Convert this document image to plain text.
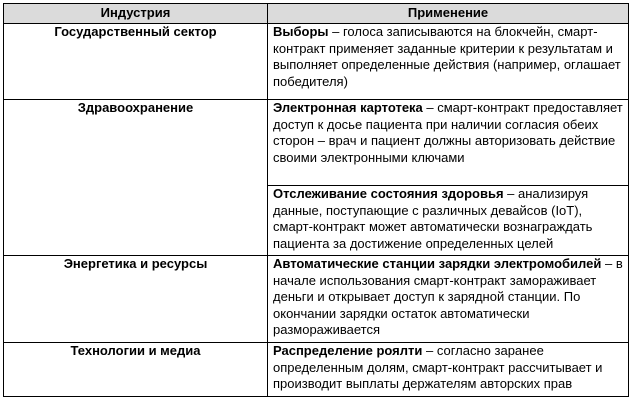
Индустрия	Применение
Государственный сектор	Выборы – голоса записываются на блокчейн, смарт-контракт применяет заданные критерии к результатам и выполняет определенные действия (например, оглашает победителя)
Здравоохранение	Электронная картотека – смарт-контракт предоставляет доступ к досье пациента при наличии согласия обеих сторон – врач и пациент должны авторизовать действие своими электронными ключами
	Отслеживание состояния здоровья – анализируя данные, поступающие с различных девайсов (IoT), смарт-контракт может автоматически вознаграждать пациента за достижение определенных целей
Энергетика и ресурсы	Автоматические станции зарядки электромобилей – в начале использования смарт-контракт замораживает деньги и открывает доступ к зарядной станции. По окончании зарядки остаток автоматически размораживается
Технологии и медиа	Распределение роялти – согласно заранее определенным долям, смарт-контракт рассчитывает и производит выплаты держателям авторских прав
